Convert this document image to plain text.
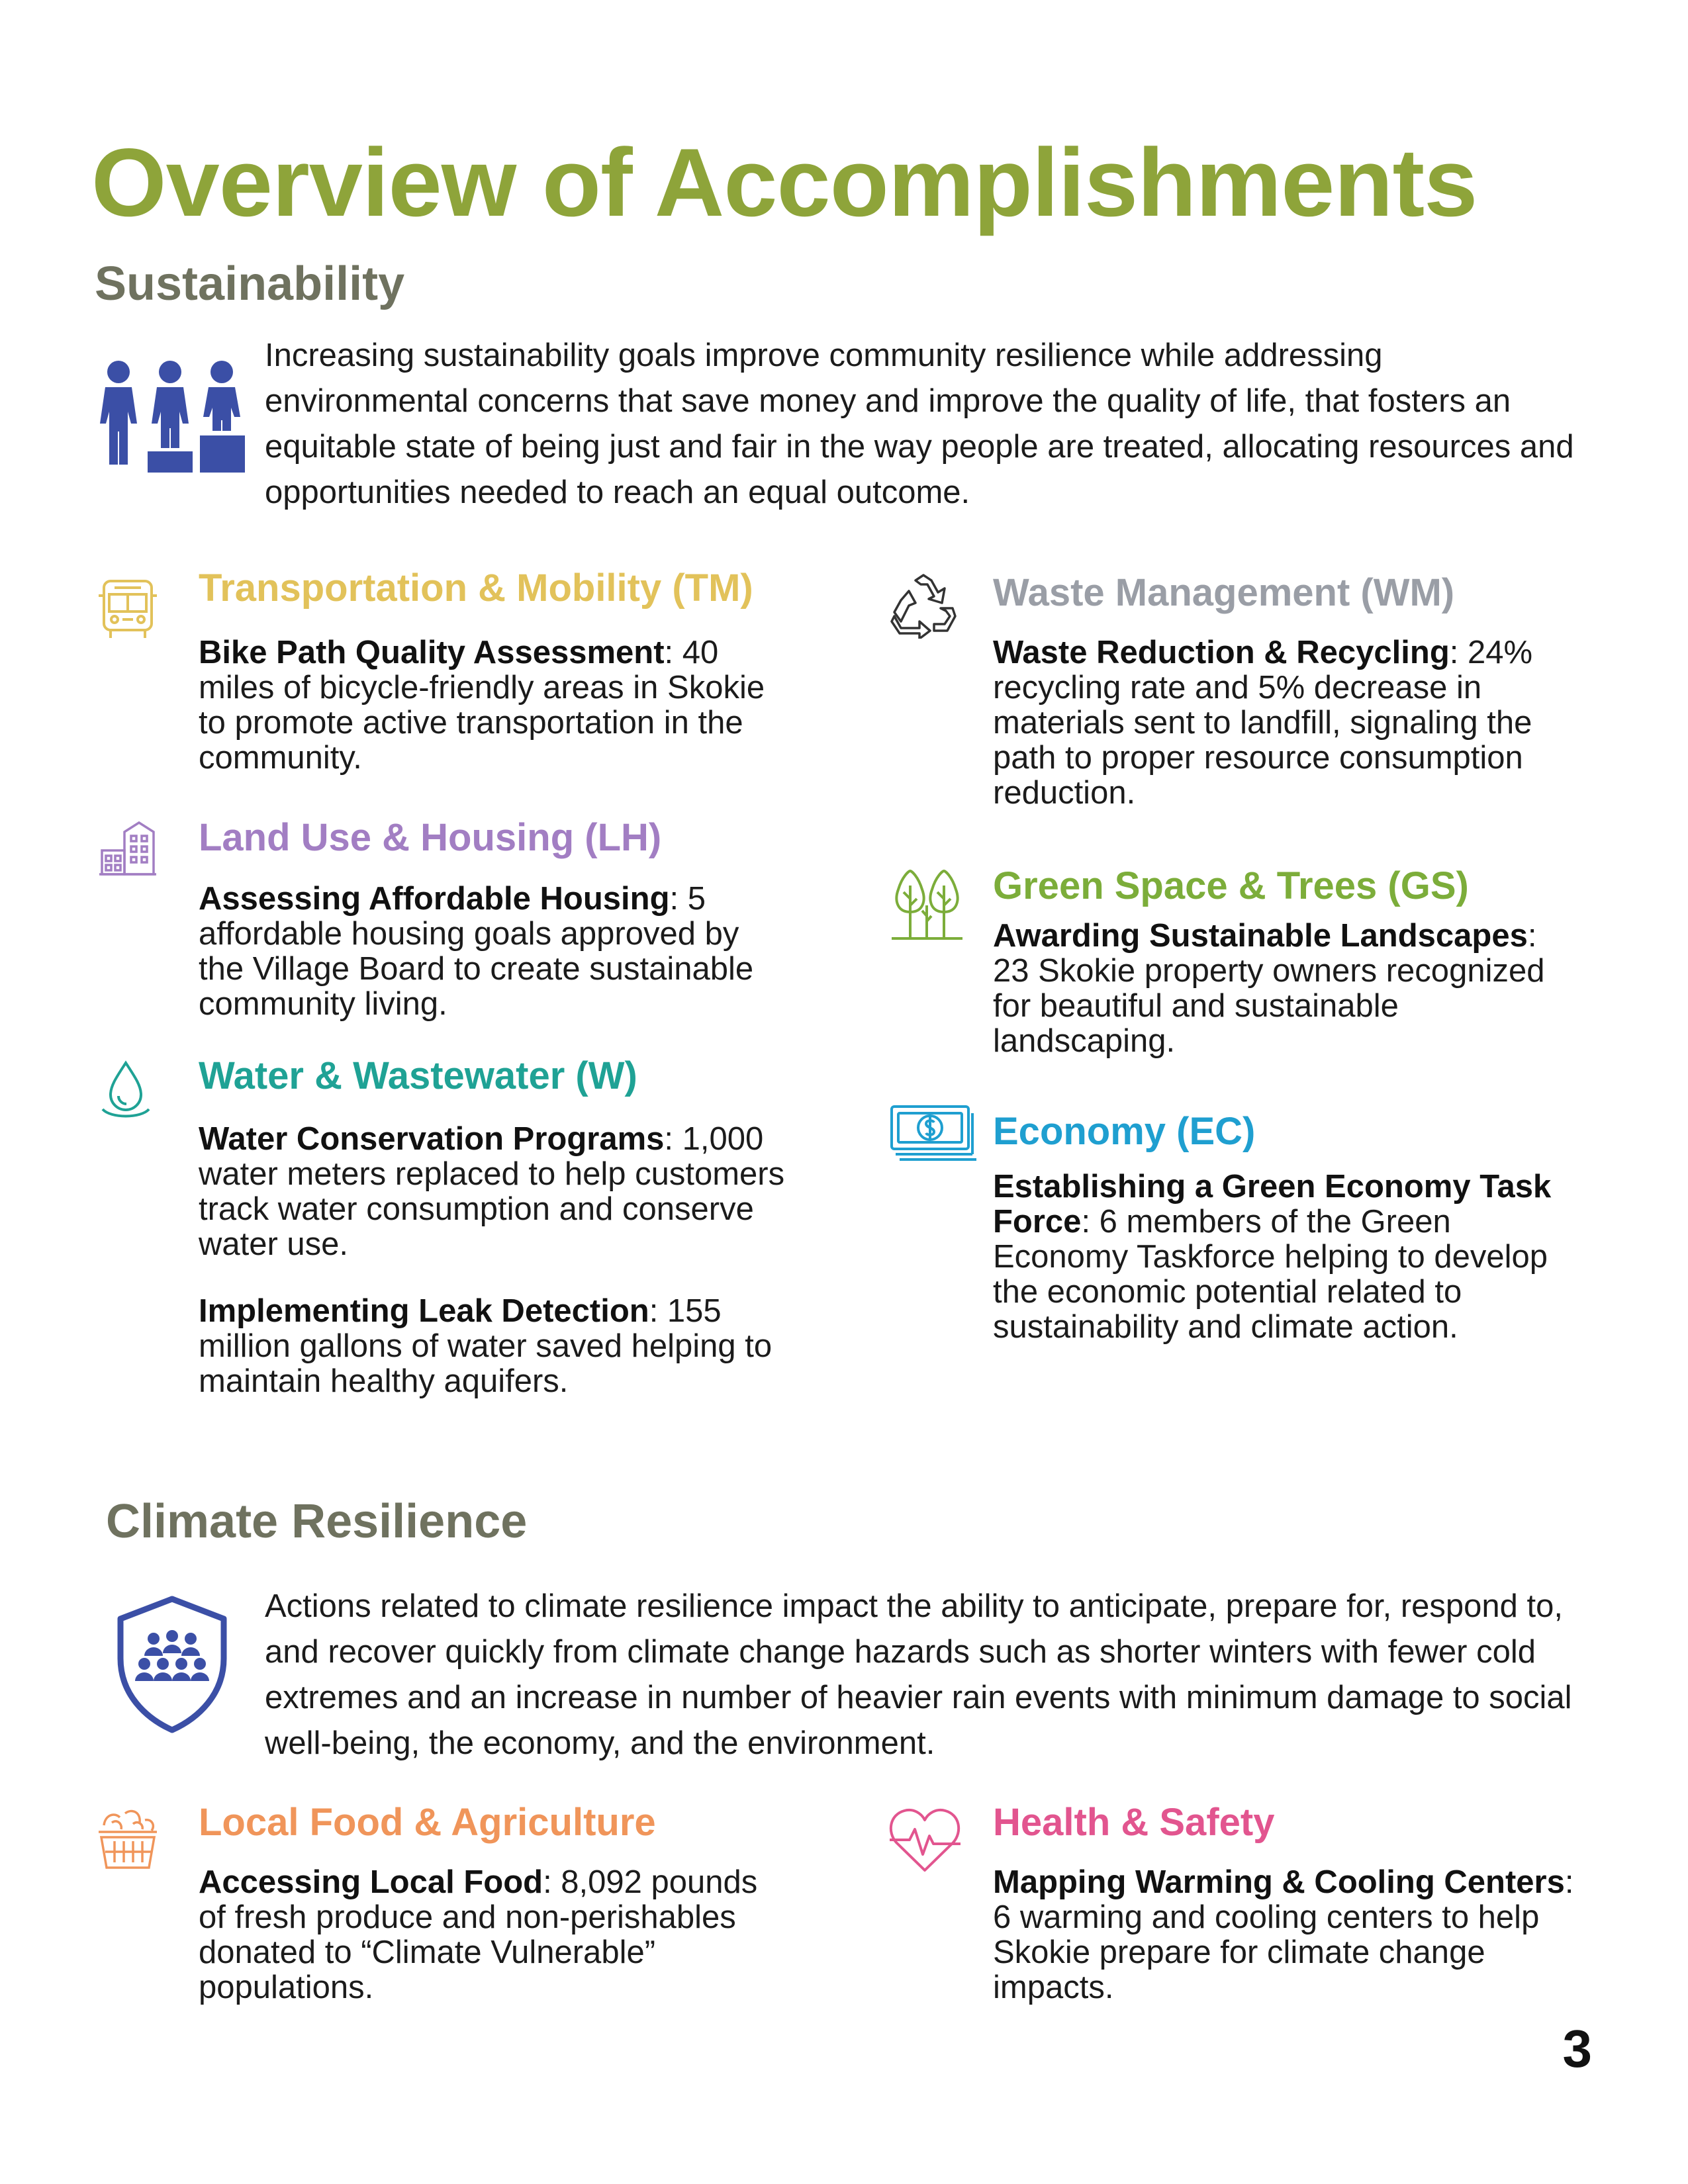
Overview of Accomplishments
Sustainability
Increasing sustainability goals improve community resilience while addressing environmental concerns that save money and improve the quality of life, that fosters an equitable state of being just and fair in the way people are treated, allocating resources and opportunities needed to reach an equal outcome.
Transportation & Mobility (TM)
Bike Path Quality Assessment: 40 miles of bicycle-friendly areas in Skokie to promote active transportation in the community.
Land Use & Housing (LH)
Assessing Affordable Housing: 5 affordable housing goals approved by the Village Board to create sustainable community living.
Water & Wastewater (W)
Water Conservation Programs: 1,000 water meters replaced to help customers track water consumption and conserve water use.
Implementing Leak Detection: 155 million gallons of water saved helping to maintain healthy aquifers.
Waste Management (WM)
Waste Reduction & Recycling: 24% recycling rate and 5% decrease in materials sent to landfill, signaling the path to proper resource consumption reduction.
Green Space & Trees (GS)
Awarding Sustainable Landscapes: 23 Skokie property owners recognized for beautiful and sustainable landscaping.
Economy (EC)
Establishing a Green Economy Task Force: 6 members of the Green Economy Taskforce helping to develop the economic potential related to sustainability and climate action.
Climate Resilience
Actions related to climate resilience impact the ability to anticipate, prepare for, respond to, and recover quickly from climate change hazards such as shorter winters with fewer cold extremes and an increase in number of heavier rain events with minimum damage to social well-being, the economy, and the environment.
Local Food & Agriculture
Accessing Local Food: 8,092 pounds of fresh produce and non-perishables donated to “Climate Vulnerable” populations.
Health & Safety
Mapping Warming & Cooling Centers: 6 warming and cooling centers to help Skokie prepare for climate change impacts.
3
